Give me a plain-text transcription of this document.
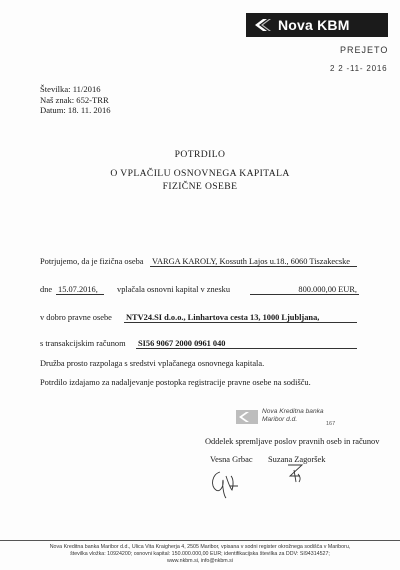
Nova KBM
PREJETO
2 2 -11- 2016
Številka: 11/2016
Naš znak: 652-TRR
Datum: 18. 11. 2016
POTRDILO
O VPLAČILU OSNOVNEGA KAPITALA
FIZIČNE OSEBE
Potrjujemo, da je fizična oseba VARGA KAROLY, Kossuth Lajos u.18., 6060 Tiszakecske
dne 15.07.2016,	vplačala osnovni kapital v znesku	800.000,00 EUR,
v dobro pravne osebe NTV24.SI d.o.o., Linhartova cesta 13, 1000 Ljubljana,
s transakcijskim računom SI56 9067 2000 0961 040
Družba prosto razpolaga s sredstvi vplačanega osnovnega kapitala.
Potrdilo izdajamo za nadaljevanje postopka registracije pravne osebe na sodišču.
Nova Kreditna banka
Maribor d.d.
167
Oddelek spremljave poslov pravnih oseb in računov
Vesna Grbac Suzana Zagoršek
Nova Kreditna banka Maribor d.d., Ulica Vita Kraigherja 4, 2505 Maribor, vpisana v sodni register okrožnega sodišča v Mariboru,
številka vložka: 10924200; osnovni kapital: 150.000.000,00 EUR; identifikacijska številka za DDV: SI94314527;
www.nkbm.si, info@nkbm.si
